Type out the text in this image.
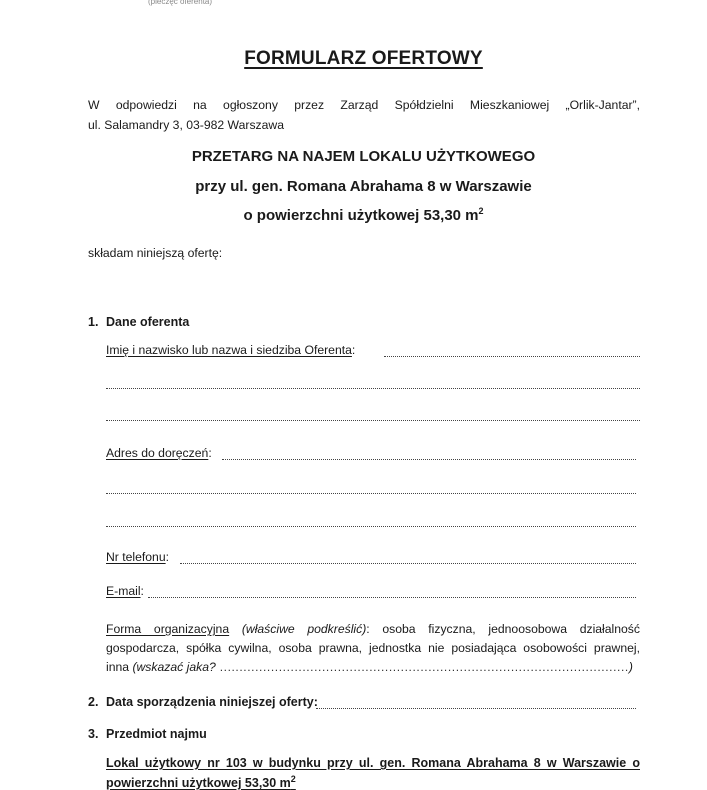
(pieczęć oferenta)
FORMULARZ OFERTOWY
W odpowiedzi na ogłoszony przez Zarząd Spółdzielni Mieszkaniowej „Orlik-Jantar”,
ul. Salamandry 3, 03-982 Warszawa
PRZETARG NA NAJEM LOKALU UŻYTKOWEGO
przy ul. gen. Romana Abrahama 8 w Warszawie
o powierzchni użytkowej 53,30 $m^2$
składam niniejszą ofertę:
1. Dane oferenta
Imię i nazwisko lub nazwa i siedziba Oferenta:
Adres do doręczeń:
Nr telefonu:
E-mail:
Forma organizacyjna (właściwe podkreślić): osoba fizyczna, jednoosobowa działalność
gospodarcza, spółka cywilna, osoba prawna, jednostka nie posiadająca osobowości prawnej,
inna (wskazać jaka? ........................................................................................................)
2. Data sporządzenia niniejszej oferty:
3. Przedmiot najmu
Lokal użytkowy nr 103 w budynku przy ul. gen. Romana Abrahama 8 w Warszawie o
powierzchni użytkowej 53,30 $m^2$
